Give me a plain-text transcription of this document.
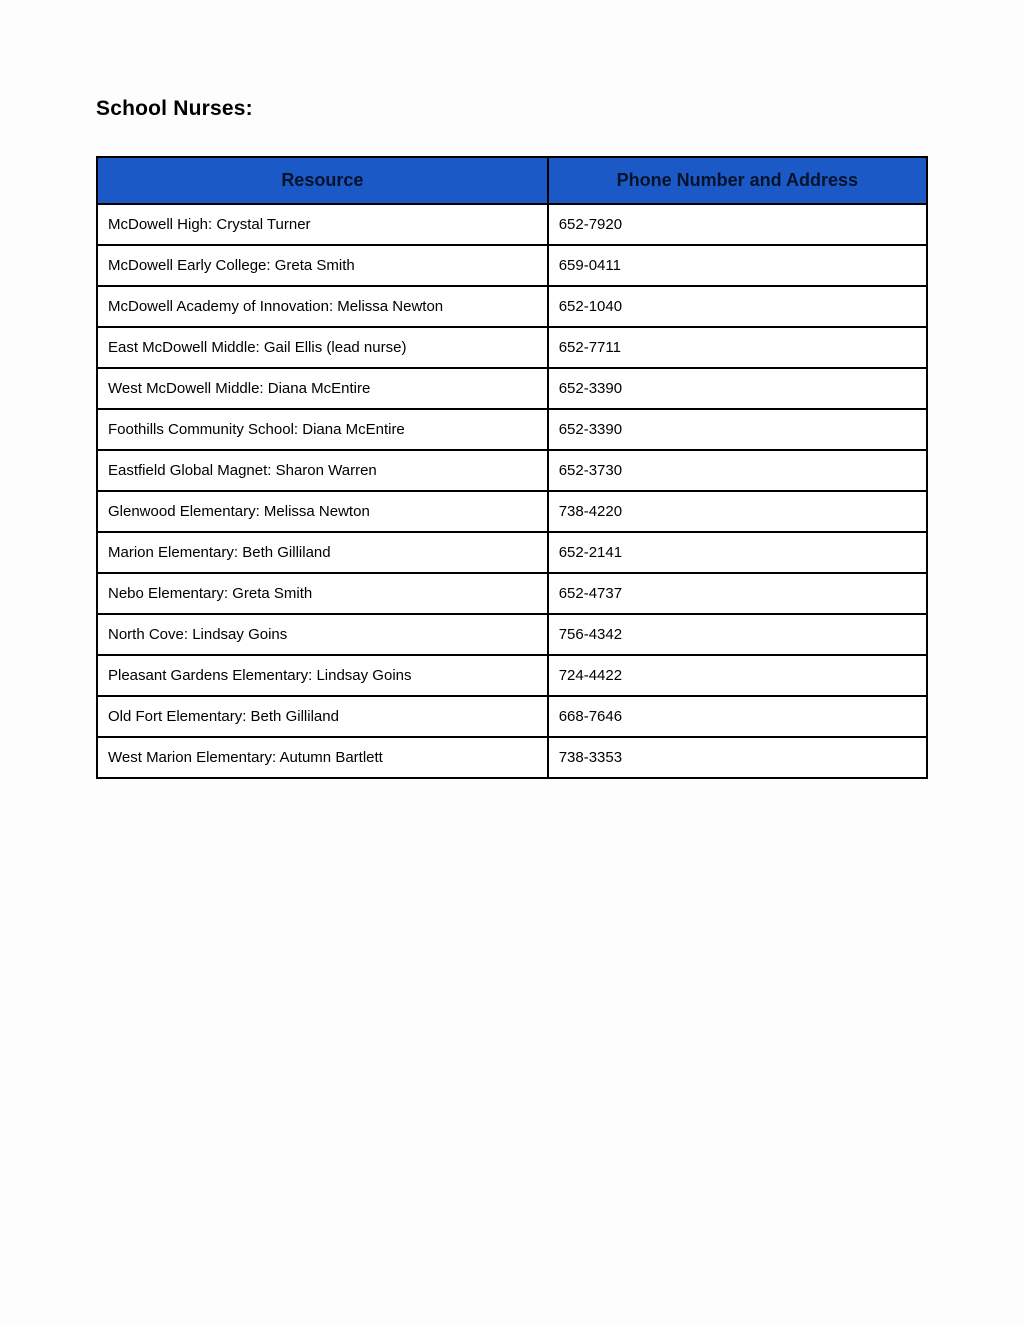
School Nurses:
Resource	Phone Number and Address
McDowell High: Crystal Turner	652-7920
McDowell Early College: Greta Smith	659-0411
McDowell Academy of Innovation: Melissa Newton	652-1040
East McDowell Middle: Gail Ellis (lead nurse)	652-7711
West McDowell Middle: Diana McEntire	652-3390
Foothills Community School: Diana McEntire	652-3390
Eastfield Global Magnet: Sharon Warren	652-3730
Glenwood Elementary: Melissa Newton	738-4220
Marion Elementary: Beth Gilliland	652-2141
Nebo Elementary: Greta Smith	652-4737
North Cove: Lindsay Goins	756-4342
Pleasant Gardens Elementary: Lindsay Goins	724-4422
Old Fort Elementary: Beth Gilliland	668-7646
West Marion Elementary: Autumn Bartlett	738-3353
